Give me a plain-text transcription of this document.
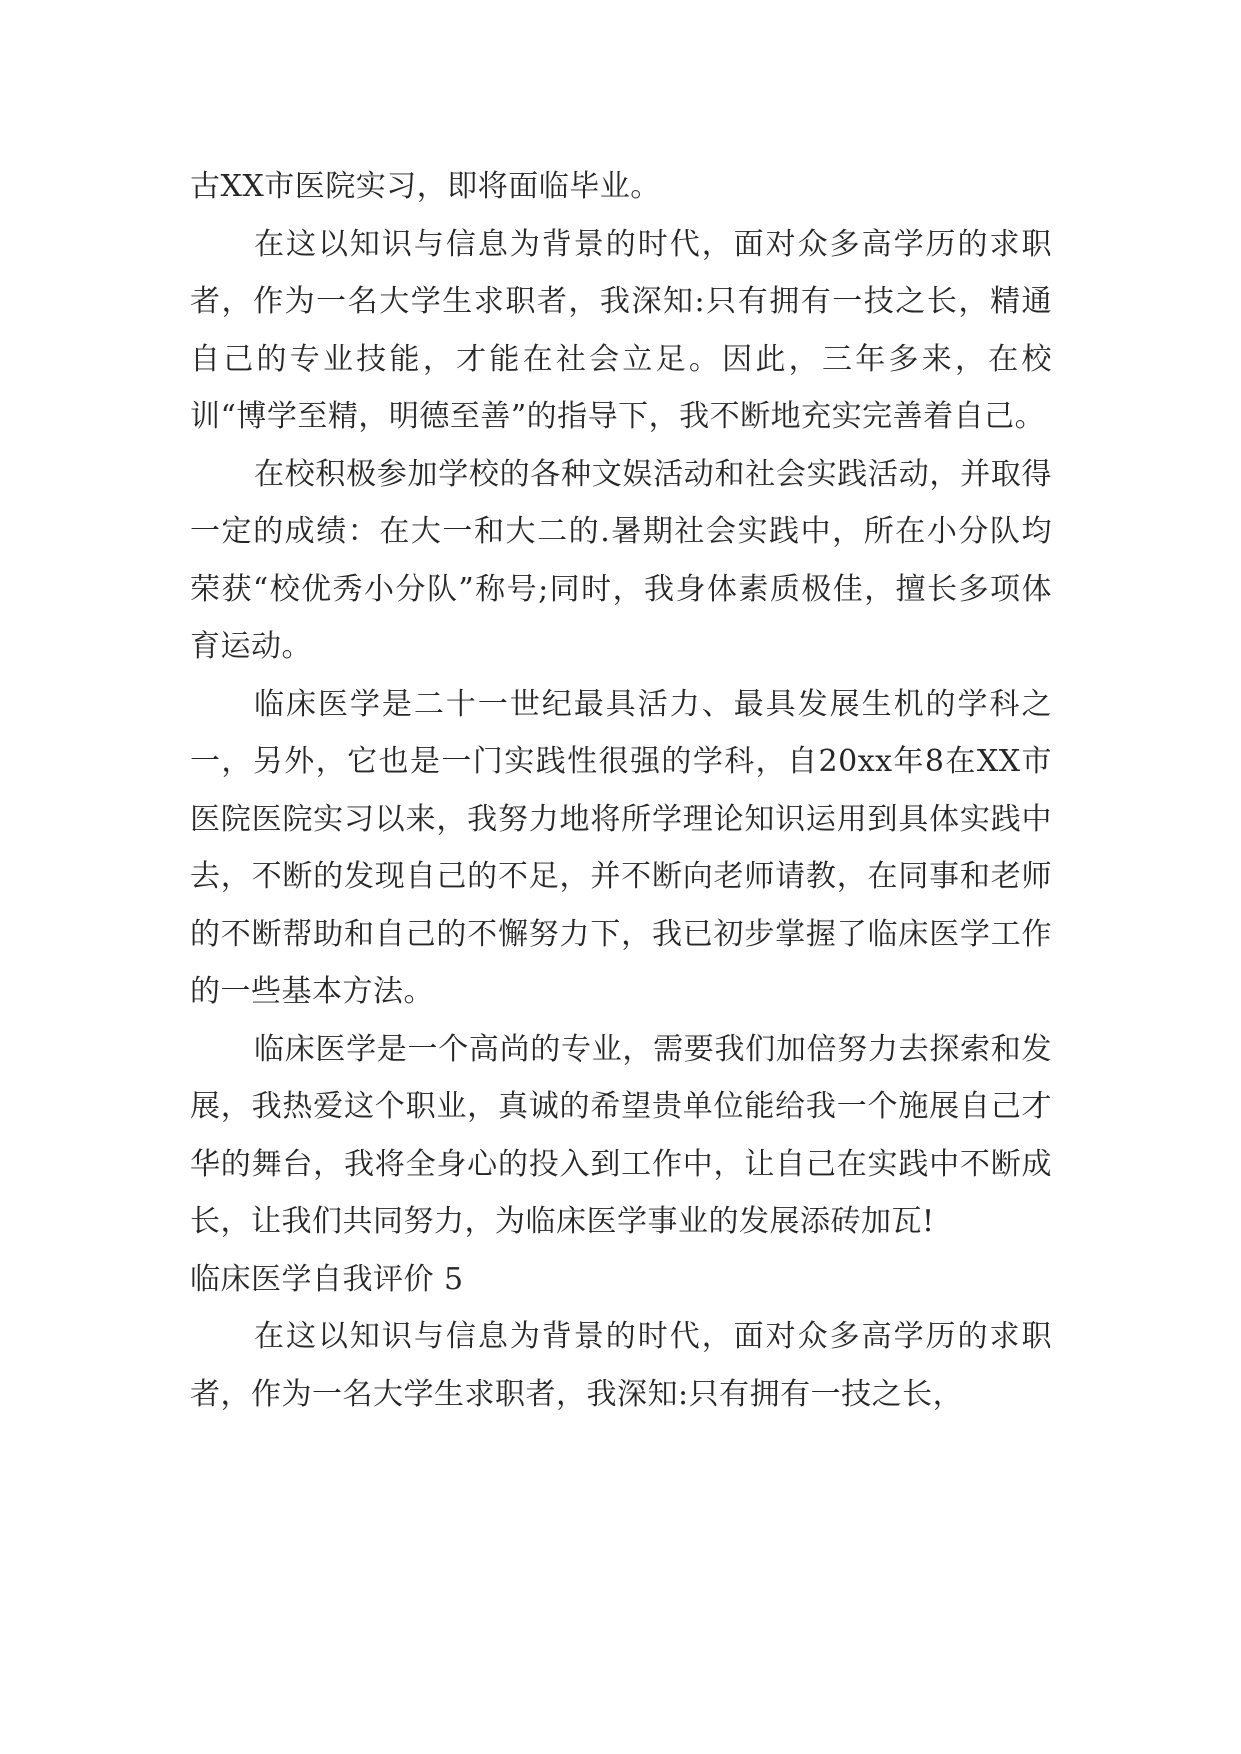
古XX市医院实习，即将面临毕业。

在这以知识与信息为背景的时代，面对众多高学历的求职者，作为一名大学生求职者，我深知:只有拥有一技之长，精通自己的专业技能，才能在社会立足。因此，三年多来，在校训“博学至精，明德至善”的指导下，我不断地充实完善着自己。

在校积极参加学校的各种文娱活动和社会实践活动，并取得一定的成绩：在大一和大二的.暑期社会实践中，所在小分队均荣获“校优秀小分队”称号;同时，我身体素质极佳，擅长多项体育运动。

临床医学是二十一世纪最具活力、最具发展生机的学科之一，另外，它也是一门实践性很强的学科，自20xx年8在XX市医院医院实习以来，我努力地将所学理论知识运用到具体实践中去，不断的发现自己的不足，并不断向老师请教，在同事和老师的不断帮助和自己的不懈努力下，我已初步掌握了临床医学工作的一些基本方法。

临床医学是一个高尚的专业，需要我们加倍努力去探索和发展，我热爱这个职业，真诚的希望贵单位能给我一个施展自己才华的舞台，我将全身心的投入到工作中，让自己在实践中不断成长，让我们共同努力，为临床医学事业的发展添砖加瓦!

临床医学自我评价 5

在这以知识与信息为背景的时代，面对众多高学历的求职者，作为一名大学生求职者，我深知:只有拥有一技之长，
